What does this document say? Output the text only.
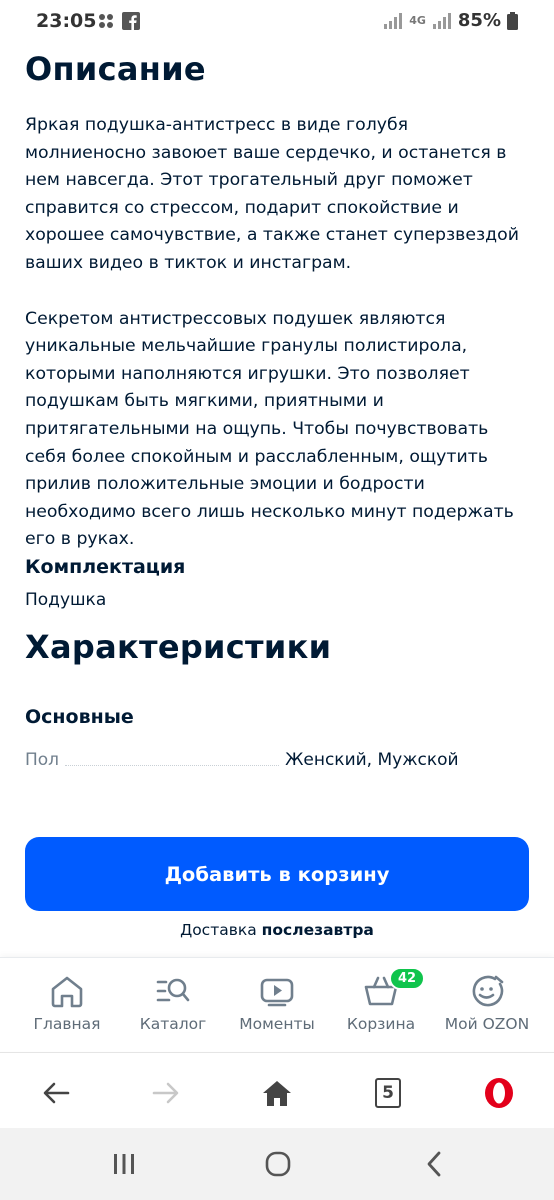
23:05	4G 85%
Описание

Яркая подушка-антистресс в виде голубя молниеносно завоюет ваше сердечко, и останется в нем навсегда. Этот трогательный друг поможет справится со стрессом, подарит спокойствие и хорошее самочувствие, а также станет суперзвездой ваших видео в тикток и инстаграм.

Секретом антистрессовых подушек являются уникальные мельчайшие гранулы полистирола, которыми наполняются игрушки. Это позволяет подушкам быть мягкими, приятными и притягательными на ощупь. Чтобы почувствовать себя более спокойным и расслабленным, ощутить прилив положительные эмоции и бодрости необходимо всего лишь несколько минут подержать его в руках.

Комплектация
Подушка
Характеристики
Основные
Пол	Женский, Мужской
Добавить в корзину
Доставка послезавтра
Главная	Каталог Моменты
42
Корзина Мой OZON
5
